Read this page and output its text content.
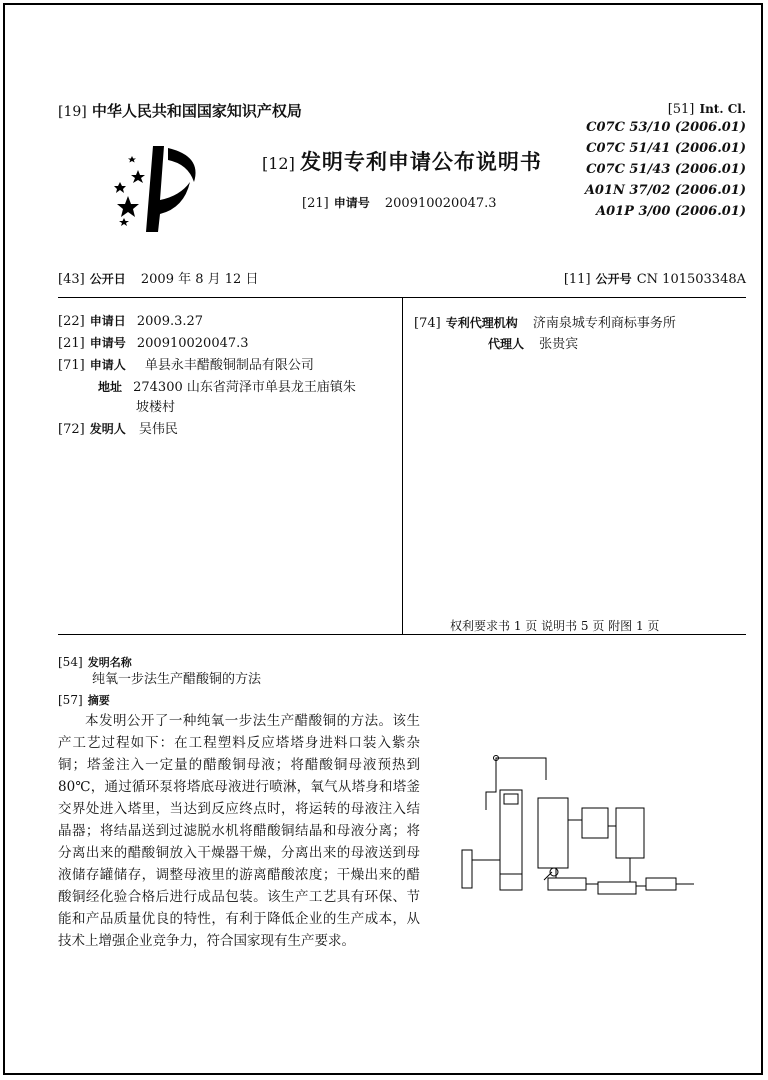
[19] 中华人民共和国国家知识产权局
[12] 发明专利申请公布说明书
[21] 申请号 200910020047.3
[51] Int. Cl.
C07C 53/10 (2006.01)
C07C 51/41 (2006.01)
C07C 51/43 (2006.01)
A01N 37/02 (2006.01)
A01P 3/00 (2006.01)
[43] 公开日 2009 年 8 月 12 日	[11] 公开号 CN 101503348A
[22] 申请日 2009.3.27
[21] 申请号 200910020047.3
[71] 申请人 单县永丰醋酸铜制品有限公司
地址 274300 山东省菏泽市单县龙王庙镇朱
坡楼村
[72] 发明人 吴伟民
[74] 专利代理机构 济南泉城专利商标事务所
代理人 张贵宾
权利要求书 1 页 说明书 5 页 附图 1 页
[54] 发明名称
纯氧一步法生产醋酸铜的方法
[57] 摘要
本发明公开了一种纯氧一步法生产醋酸铜的方法。该生产工艺过程如下：在工程塑料反应塔塔身进料口装入紫杂铜；塔釜注入一定量的醋酸铜母液；将醋酸铜母液预热到 80℃，通过循环泵将塔底母液进行喷淋，氧气从塔身和塔釜交界处进入塔里，当达到反应终点时，将运转的母液注入结晶器；将结晶送到过滤脱水机将醋酸铜结晶和母液分离；将分离出来的醋酸铜放入干燥器干燥，分离出来的母液送到母液储存罐储存，调整母液里的游离醋酸浓度；干燥出来的醋酸铜经化验合格后进行成品包装。该生产工艺具有环保、节能和产品质量优良的特性，有利于降低企业的生产成本，从技术上增强企业竞争力，符合国家现有生产要求。
